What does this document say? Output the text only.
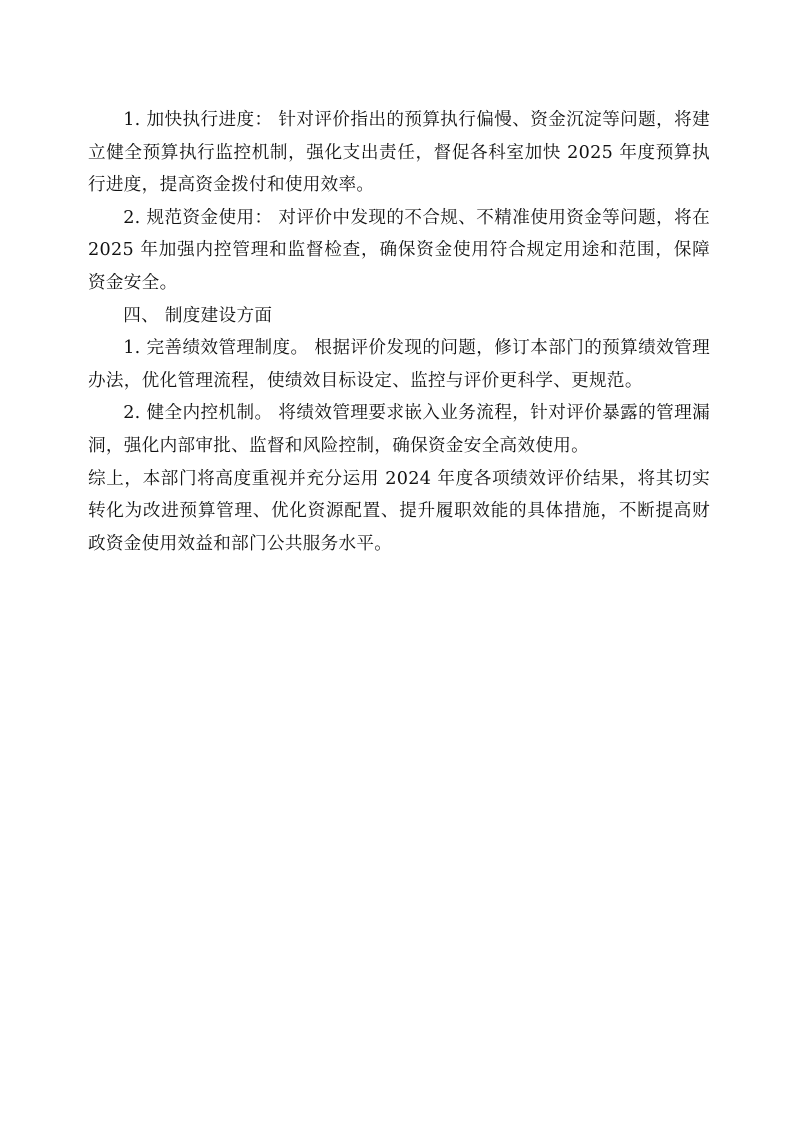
1. 加快执行进度： 针对评价指出的预算执行偏慢、资金沉淀等问题，将建立健全预算执行监控机制，强化支出责任，督促各科室加快 2025 年度预算执行进度，提高资金拨付和使用效率。

2. 规范资金使用： 对评价中发现的不合规、不精准使用资金等问题，将在 2025 年加强内控管理和监督检查，确保资金使用符合规定用途和范围，保障资金安全。

四、 制度建设方面

1. 完善绩效管理制度。 根据评价发现的问题，修订本部门的预算绩效管理办法，优化管理流程，使绩效目标设定、监控与评价更科学、更规范。

2. 健全内控机制。 将绩效管理要求嵌入业务流程，针对评价暴露的管理漏洞，强化内部审批、监督和风险控制，确保资金安全高效使用。

综上，本部门将高度重视并充分运用 2024 年度各项绩效评价结果，将其切实转化为改进预算管理、优化资源配置、提升履职效能的具体措施，不断提高财政资金使用效益和部门公共服务水平。
